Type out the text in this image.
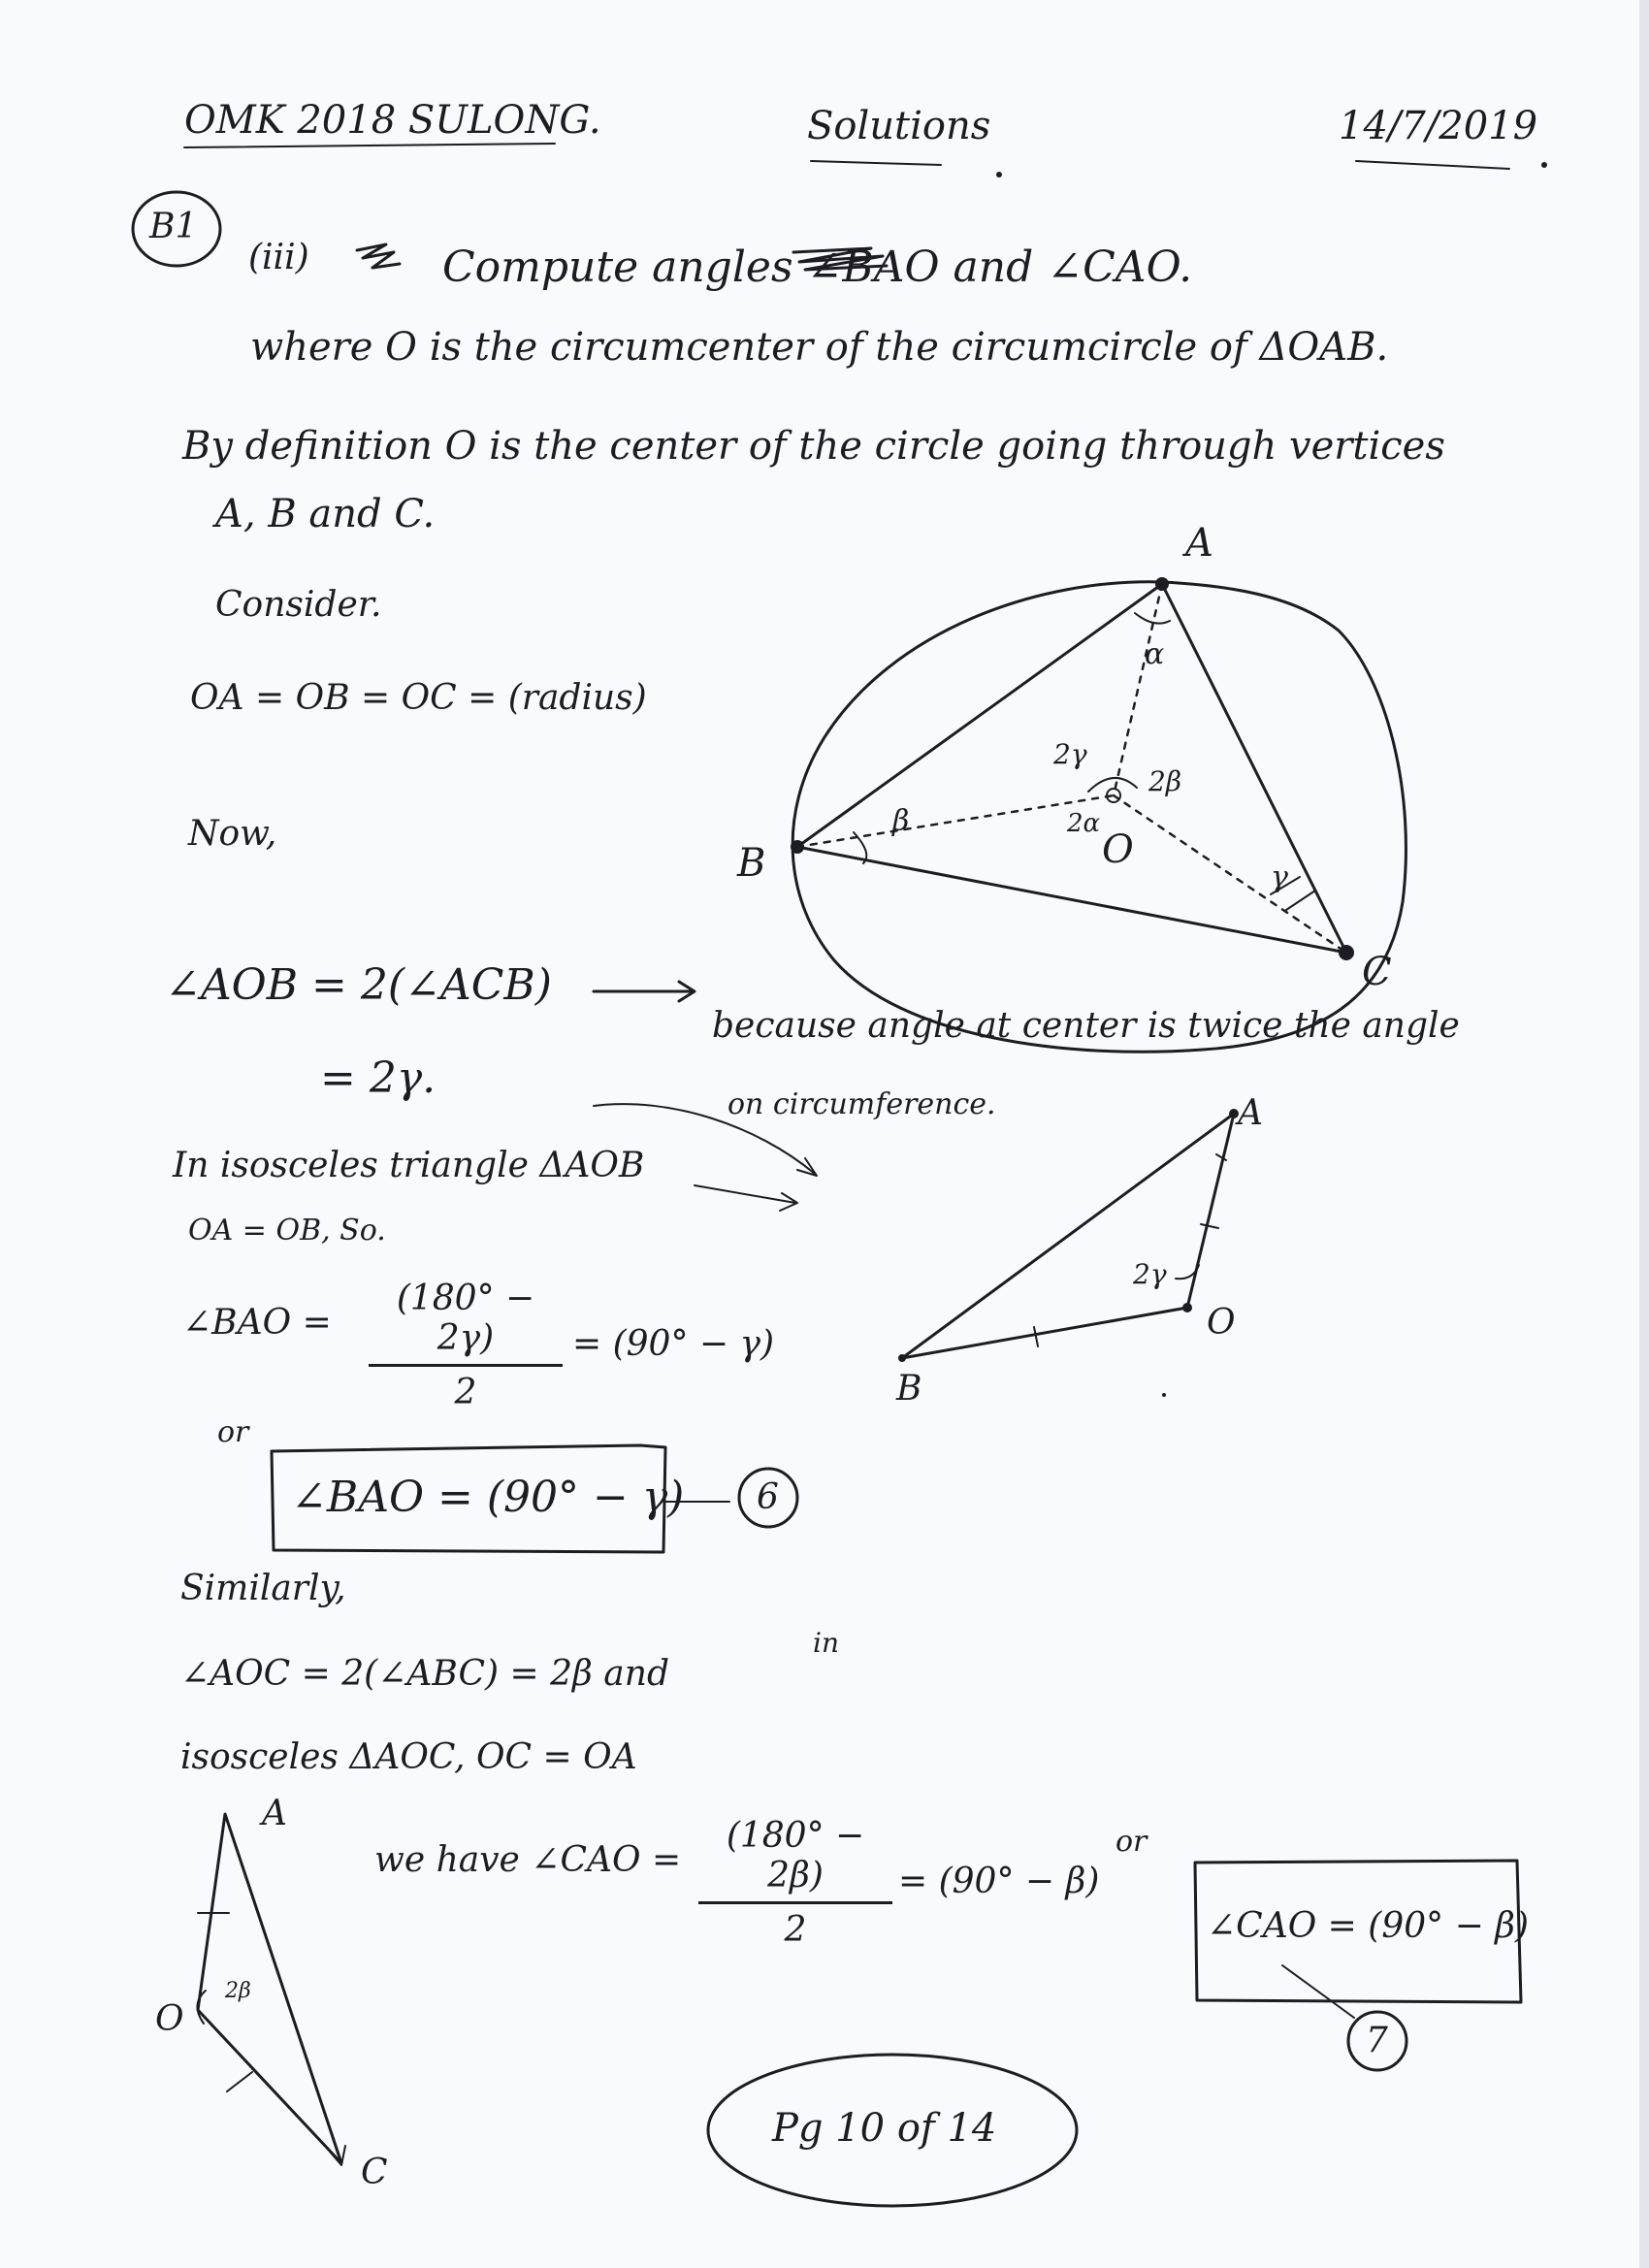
OMK 2018 SULONG.	Solutions	14/7/2019
B1
(iii)	Compute angles ∠BAO and ∠CAO.
where O is the circumcenter of the circumcircle of ΔOAB.
By definition O is the center of the circle going through vertices
A, B and C.
Consider.
OA = OB = OC = (radius)
Now,
A
B
C
O
α
β
γ
2γ
2β
2α
∠AOB = 2(∠ACB)
because angle at center is twice the angle
on circumference.
= 2γ.
In isosceles triangle ΔAOB
OA = OB, So.
∠BAO = $\frac{(180^\circ - 2\gamma)}{2} = (90^\circ - \gamma)$
A
O
B
2γ
or
∠BAO = (90° − γ) 6
Similarly,
∠AOC = 2(∠ABC) = 2β and
in
isosceles ΔAOC, OC = OA
we have ∠CAO = $\frac{(180^\circ - 2\beta)}{2} = (90^\circ - \beta)$
or
∠CAO = (90° − β)
7
A
O
C
2β
Pg 10 of 14
